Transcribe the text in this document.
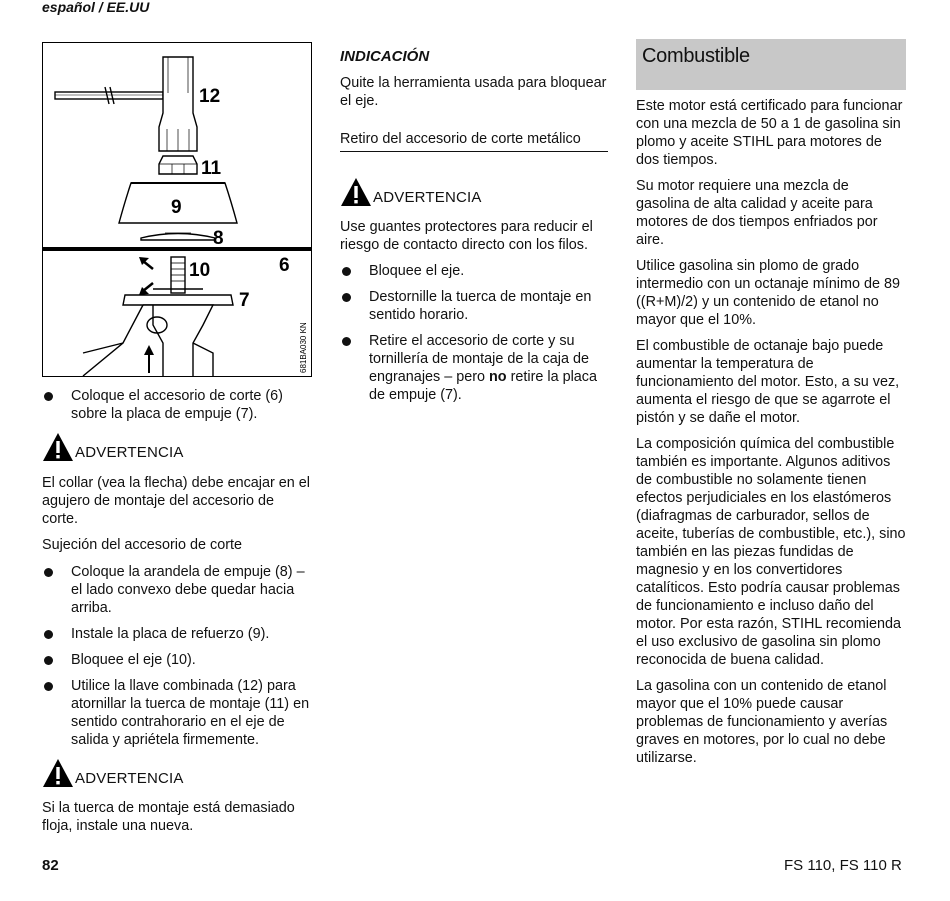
español / EE.UU
12
11
9
8
10	6
7
681BA030 KN
Coloque el accesorio de corte (6) sobre la placa de empuje (7).
ADVERTENCIA

El collar (vea la flecha) debe encajar en el agujero de montaje del accesorio de corte.

Sujeción del accesorio de corte

Coloque la arandela de empuje (8) – el lado convexo debe quedar hacia arriba.
Instale la placa de refuerzo (9).
Bloquee el eje (10).
Utilice la llave combinada (12) para atornillar la tuerca de montaje (11) en sentido contrahorario en el eje de salida y apriétela firmemente.
ADVERTENCIA

Si la tuerca de montaje está demasiado floja, instale una nueva.

INDICACIÓN

Quite la herramienta usada para bloquear el eje.

Retiro del accesorio de corte metálico

ADVERTENCIA

Use guantes protectores para reducir el riesgo de contacto directo con los filos.

Bloquee el eje.
Destornille la tuerca de montaje en sentido horario.
Retire el accesorio de corte y su tornillería de montaje de la caja de engranajes – pero no retire la placa de empuje (7).
Combustible

Este motor está certificado para funcionar con una mezcla de 50 a 1 de gasolina sin plomo y aceite STIHL para motores de dos tiempos.

Su motor requiere una mezcla de gasolina de alta calidad y aceite para motores de dos tiempos enfriados por aire.

Utilice gasolina sin plomo de grado intermedio con un octanaje mínimo de 89 ((R+M)/2) y un contenido de etanol no mayor que el 10%.

El combustible de octanaje bajo puede aumentar la temperatura de funcionamiento del motor. Esto, a su vez, aumenta el riesgo de que se agarrote el pistón y se dañe el motor.

La composición química del combustible también es importante. Algunos aditivos de combustible no solamente tienen efectos perjudiciales en los elastómeros (diafragmas de carburador, sellos de aceite, tuberías de combustible, etc.), sino también en las piezas fundidas de magnesio y en los convertidores catalíticos. Esto podría causar problemas de funcionamiento e incluso daño del motor. Por esta razón, STIHL recomienda el uso exclusivo de gasolina sin plomo reconocida de buena calidad.

La gasolina con un contenido de etanol mayor que el 10% puede causar problemas de funcionamiento y averías graves en motores, por lo cual no debe utilizarse.

82	FS 110, FS 110 R
